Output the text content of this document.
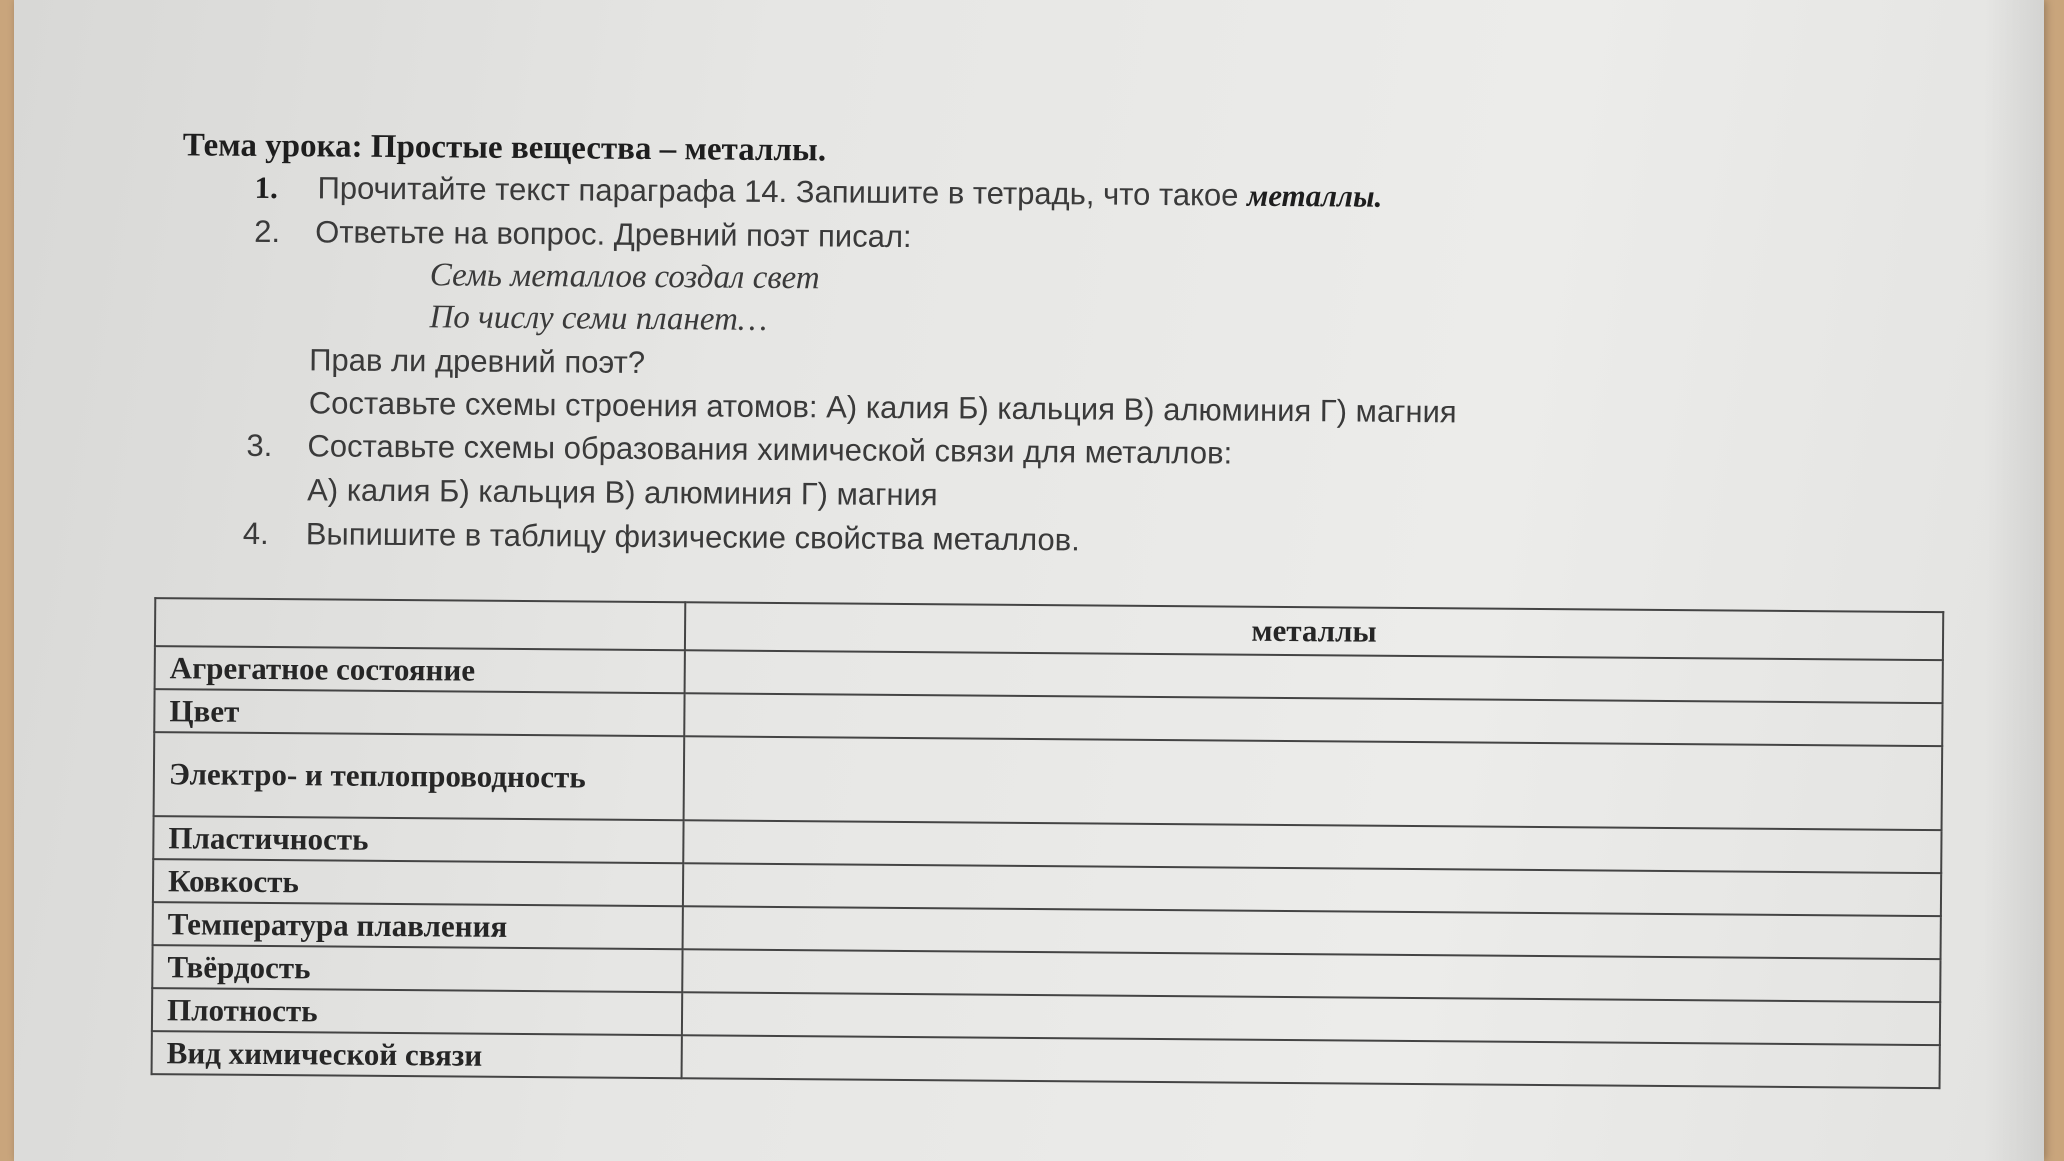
Тема урока: Простые вещества – металлы.
1. Прочитайте текст параграфа 14. Запишите в тетрадь, что такое металлы.
2. Ответьте на вопрос. Древний поэт писал:
Семь металлов создал свет
По числу семи планет…
Прав ли древний поэт?
Составьте схемы строения атомов: А) калия Б) кальция В) алюминия Г) магния
3. Составьте схемы образования химической связи для металлов:
А) калия Б) кальция В) алюминия Г) магния
4. Выпишите в таблицу физические свойства металлов.
	металлы
Агрегатное состояние	
Цвет	
Электро- и теплопроводность	
Пластичность	
Ковкость	
Температура плавления	
Твёрдость	
Плотность	
Вид химической связи	
